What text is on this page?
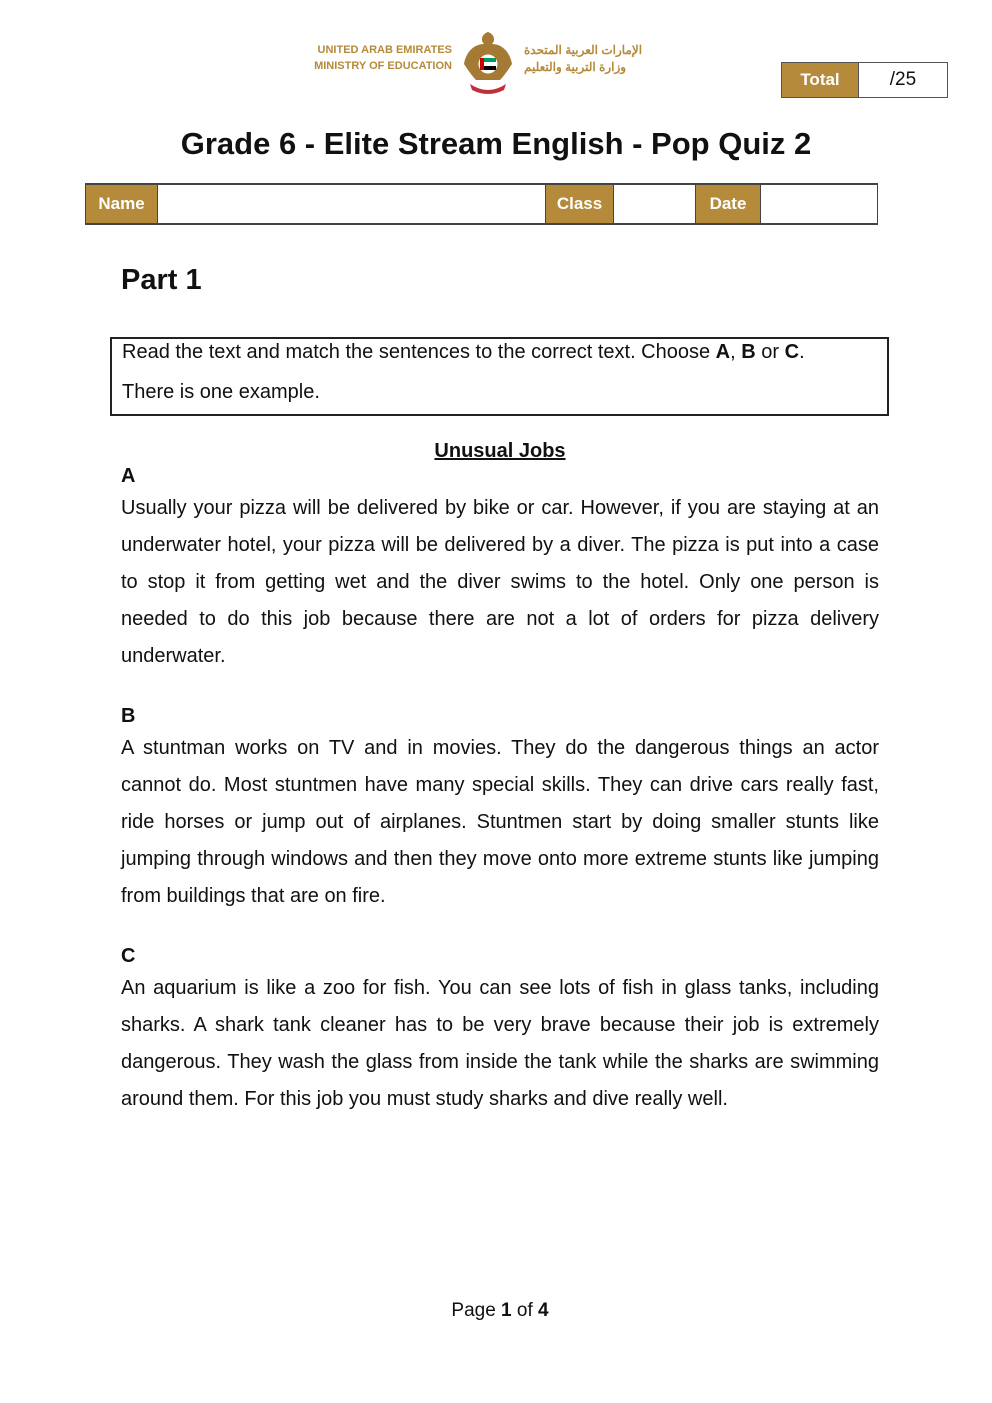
UNITED ARAB EMIRATES
MINISTRY OF EDUCATION
الإمارات العربية المتحدة
وزارة التربية والتعليم
Total	/25
Grade 6 - Elite Stream English - Pop Quiz 2
Name	Class	Date
Part 1

Read the text and match the sentences to the correct text. Choose A, B or C.

There is one example.

Unusual Jobs
A
Usually your pizza will be delivered by bike or car. However, if you are staying at an underwater hotel, your pizza will be delivered by a diver. The pizza is put into a case to stop it from getting wet and the diver swims to the hotel. Only one person is needed to do this job because there are not a lot of orders for pizza delivery underwater.
B
A stuntman works on TV and in movies. They do the dangerous things an actor cannot do. Most stuntmen have many special skills. They can drive cars really fast, ride horses or jump out of airplanes. Stuntmen start by doing smaller stunts like jumping through windows and then they move onto more extreme stunts like jumping from buildings that are on fire.
C
An aquarium is like a zoo for fish. You can see lots of fish in glass tanks, including sharks. A shark tank cleaner has to be very brave because their job is extremely dangerous. They wash the glass from inside the tank while the sharks are swimming around them. For this job you must study sharks and dive really well.
Page 1 of 4
